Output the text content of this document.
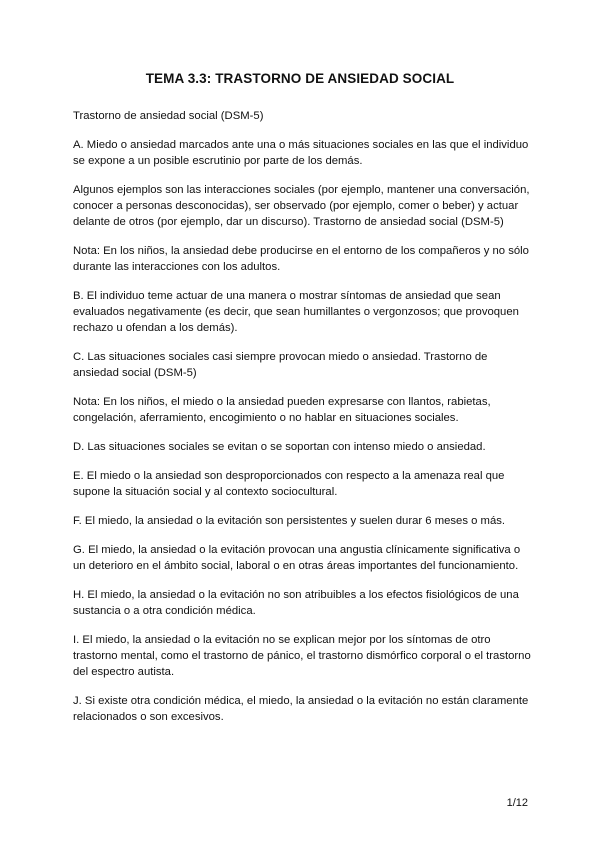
TEMA 3.3: TRASTORNO DE ANSIEDAD SOCIAL

Trastorno de ansiedad social (DSM-5)

A. Miedo o ansiedad marcados ante una o más situaciones sociales en las que el individuo se expone a un posible escrutinio por parte de los demás.

Algunos ejemplos son las interacciones sociales (por ejemplo, mantener una conversación, conocer a personas desconocidas), ser observado (por ejemplo, comer o beber) y actuar delante de otros (por ejemplo, dar un discurso). Trastorno de ansiedad social (DSM-5)

Nota: En los niños, la ansiedad debe producirse en el entorno de los compañeros y no sólo durante las interacciones con los adultos.

B. El individuo teme actuar de una manera o mostrar síntomas de ansiedad que sean evaluados negativamente (es decir, que sean humillantes o vergonzosos; que provoquen rechazo u ofendan a los demás).

C. Las situaciones sociales casi siempre provocan miedo o ansiedad. Trastorno de ansiedad social (DSM-5)

Nota: En los niños, el miedo o la ansiedad pueden expresarse con llantos, rabietas, congelación, aferramiento, encogimiento o no hablar en situaciones sociales.

D. Las situaciones sociales se evitan o se soportan con intenso miedo o ansiedad.

E. El miedo o la ansiedad son desproporcionados con respecto a la amenaza real que supone la situación social y al contexto sociocultural.

F. El miedo, la ansiedad o la evitación son persistentes y suelen durar 6 meses o más.

G. El miedo, la ansiedad o la evitación provocan una angustia clínicamente significativa o un deterioro en el ámbito social, laboral o en otras áreas importantes del funcionamiento.

H. El miedo, la ansiedad o la evitación no son atribuibles a los efectos fisiológicos de una sustancia o a otra condición médica.

I. El miedo, la ansiedad o la evitación no se explican mejor por los síntomas de otro trastorno mental, como el trastorno de pánico, el trastorno dismórfico corporal o el trastorno del espectro autista.

J. Si existe otra condición médica, el miedo, la ansiedad o la evitación no están claramente relacionados o son excesivos.

1/12
